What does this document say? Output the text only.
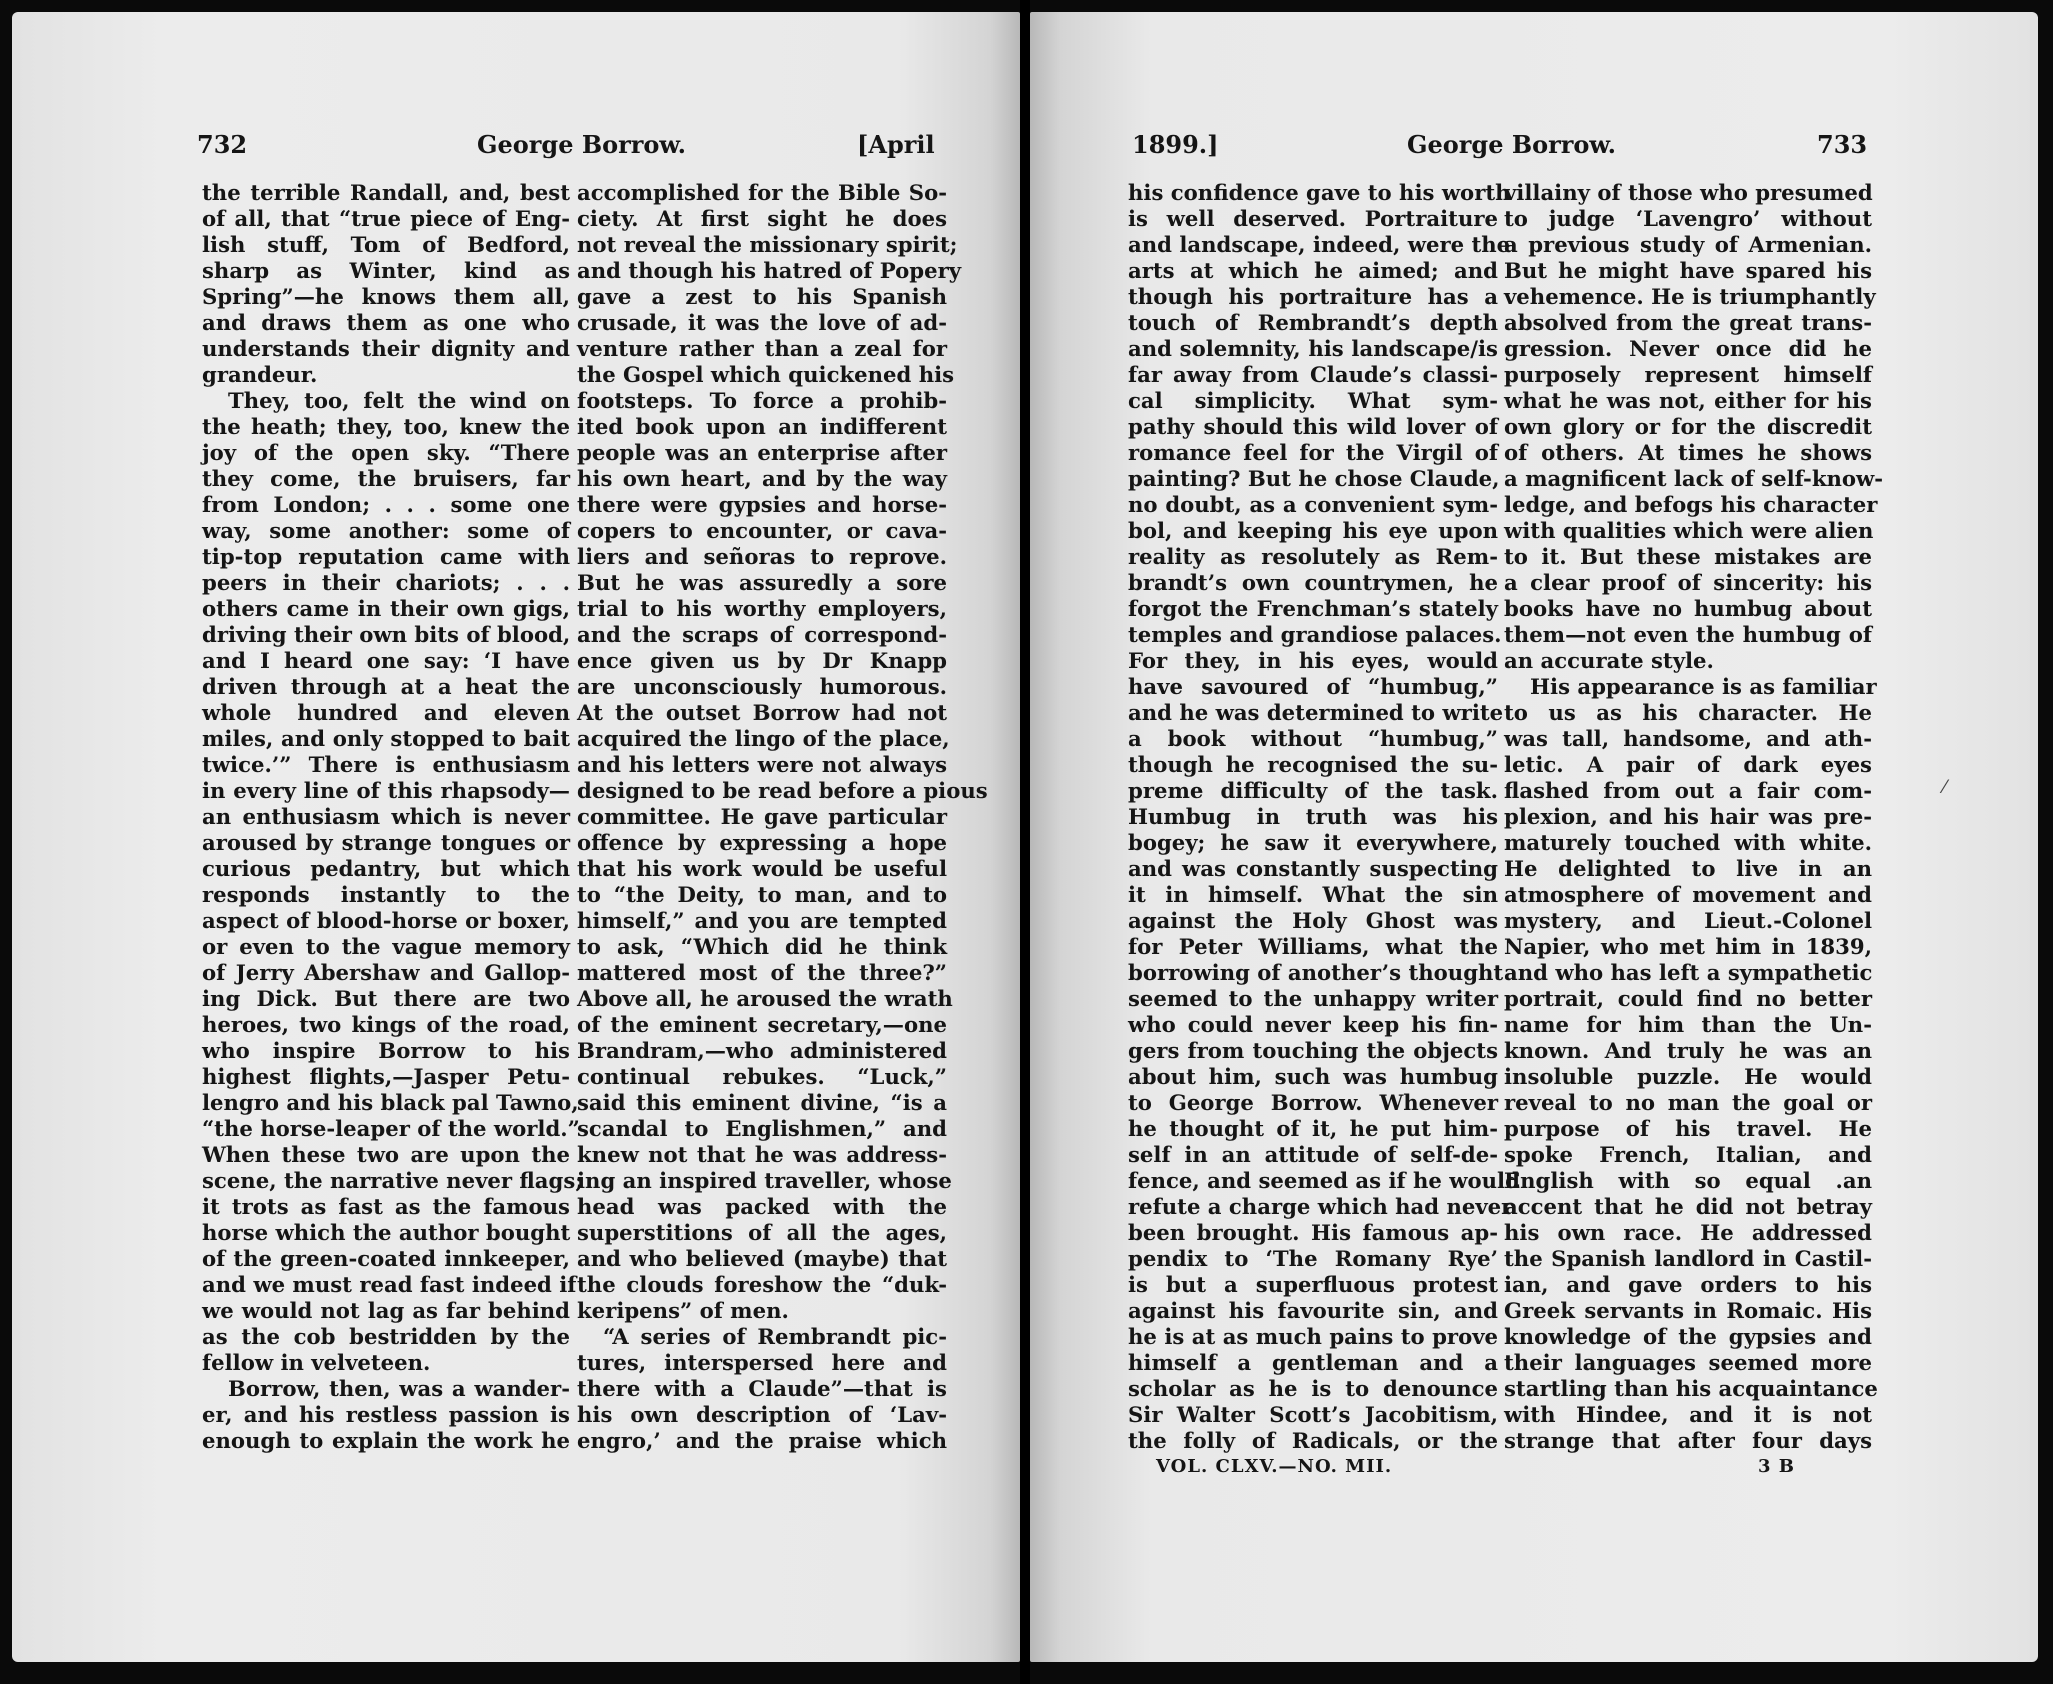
732	George Borrow.	[April
the terrible Randall, and, best
of all, that “true piece of Eng-
lish stuff, Tom of Bedford,
sharp as Winter, kind as
Spring”—he knows them all,
and draws them as one who
understands their dignity and
grandeur.
They, too, felt the wind on
the heath; they, too, knew the
joy of the open sky. “There
they come, the bruisers, far
from London; . . . some one
way, some another: some of
tip-top reputation came with
peers in their chariots; . . .
others came in their own gigs,
driving their own bits of blood,
and I heard one say: ‘I have
driven through at a heat the
whole hundred and eleven
miles, and only stopped to bait
twice.’” There is enthusiasm
in every line of this rhapsody—
an enthusiasm which is never
aroused by strange tongues or
curious pedantry, but which
responds instantly to the
aspect of blood-horse or boxer,
or even to the vague memory
of Jerry Abershaw and Gallop-
ing Dick. But there are two
heroes, two kings of the road,
who inspire Borrow to his
highest flights,—Jasper Petu-
lengro and his black pal Tawno,
“the horse-leaper of the world.”
When these two are upon the
scene, the narrative never flags;
it trots as fast as the famous
horse which the author bought
of the green-coated innkeeper,
and we must read fast indeed if
we would not lag as far behind
as the cob bestridden by the
fellow in velveteen.
Borrow, then, was a wander-
er, and his restless passion is
enough to explain the work he
accomplished for the Bible So-
ciety. At first sight he does
not reveal the missionary spirit;
and though his hatred of Popery
gave a zest to his Spanish
crusade, it was the love of ad-
venture rather than a zeal for
the Gospel which quickened his
footsteps. To force a prohib-
ited book upon an indifferent
people was an enterprise after
his own heart, and by the way
there were gypsies and horse-
copers to encounter, or cava-
liers and señoras to reprove.
But he was assuredly a sore
trial to his worthy employers,
and the scraps of correspond-
ence given us by Dr Knapp
are unconsciously humorous.
At the outset Borrow had not
acquired the lingo of the place,
and his letters were not always
designed to be read before a pious
committee. He gave particular
offence by expressing a hope
that his work would be useful
to “the Deity, to man, and to
himself,” and you are tempted
to ask, “Which did he think
mattered most of the three?”
Above all, he aroused the wrath
of the eminent secretary,—one
Brandram,—who administered
continual rebukes. “Luck,”
said this eminent divine, “is a
scandal to Englishmen,” and
knew not that he was address-
ing an inspired traveller, whose
head was packed with the
superstitions of all the ages,
and who believed (maybe) that
the clouds foreshow the “duk-
keripens” of men.
“A series of Rembrandt pic-
tures, interspersed here and
there with a Claude”—that is
his own description of ‘Lav-
engro,’ and the praise which
1899.]	George Borrow.	733
his confidence gave to his worth
is well deserved. Portraiture
and landscape, indeed, were the
arts at which he aimed; and
though his portraiture has a
touch of Rembrandt’s depth
and solemnity, his landscape/is
far away from Claude’s classi-
cal simplicity. What sym-
pathy should this wild lover of
romance feel for the Virgil of
painting? But he chose Claude,
no doubt, as a convenient sym-
bol, and keeping his eye upon
reality as resolutely as Rem-
brandt’s own countrymen, he
forgot the Frenchman’s stately
temples and grandiose palaces.
For they, in his eyes, would
have savoured of “humbug,”
and he was determined to write
a book without “humbug,”
though he recognised the su-
preme difficulty of the task.
Humbug in truth was his
bogey; he saw it everywhere,
and was constantly suspecting
it in himself. What the sin
against the Holy Ghost was
for Peter Williams, what the
borrowing of another’s thought
seemed to the unhappy writer
who could never keep his fin-
gers from touching the objects
about him, such was humbug
to George Borrow. Whenever
he thought of it, he put him-
self in an attitude of self-de-
fence, and seemed as if he would
refute a charge which had never
been brought. His famous ap-
pendix to ‘The Romany Rye’
is but a superfluous protest
against his favourite sin, and
he is at as much pains to prove
himself a gentleman and a
scholar as he is to denounce
Sir Walter Scott’s Jacobitism,
the folly of Radicals, or the
villainy of those who presumed
to judge ‘Lavengro’ without
a previous study of Armenian.
But he might have spared his
vehemence. He is triumphantly
absolved from the great trans-
gression. Never once did he
purposely represent himself
what he was not, either for his
own glory or for the discredit
of others. At times he shows
a magnificent lack of self-know-
ledge, and befogs his character
with qualities which were alien
to it. But these mistakes are
a clear proof of sincerity: his
books have no humbug about
them—not even the humbug of
an accurate style.
His appearance is as familiar
to us as his character. He
was tall, handsome, and ath-
letic. A pair of dark eyes
flashed from out a fair com-
plexion, and his hair was pre-
maturely touched with white.
He delighted to live in an
atmosphere of movement and
mystery, and Lieut.-Colonel
Napier, who met him in 1839,
and who has left a sympathetic
portrait, could find no better
name for him than the Un-
known. And truly he was an
insoluble puzzle. He would
reveal to no man the goal or
purpose of his travel. He
spoke French, Italian, and
English with so equal .an
accent that he did not betray
his own race. He addressed
the Spanish landlord in Castil-
ian, and gave orders to his
Greek servants in Romaic. His
knowledge of the gypsies and
their languages seemed more
startling than his acquaintance
with Hindee, and it is not
strange that after four days
VOL. CLXV.—NO. MII.	3 B
⁄
